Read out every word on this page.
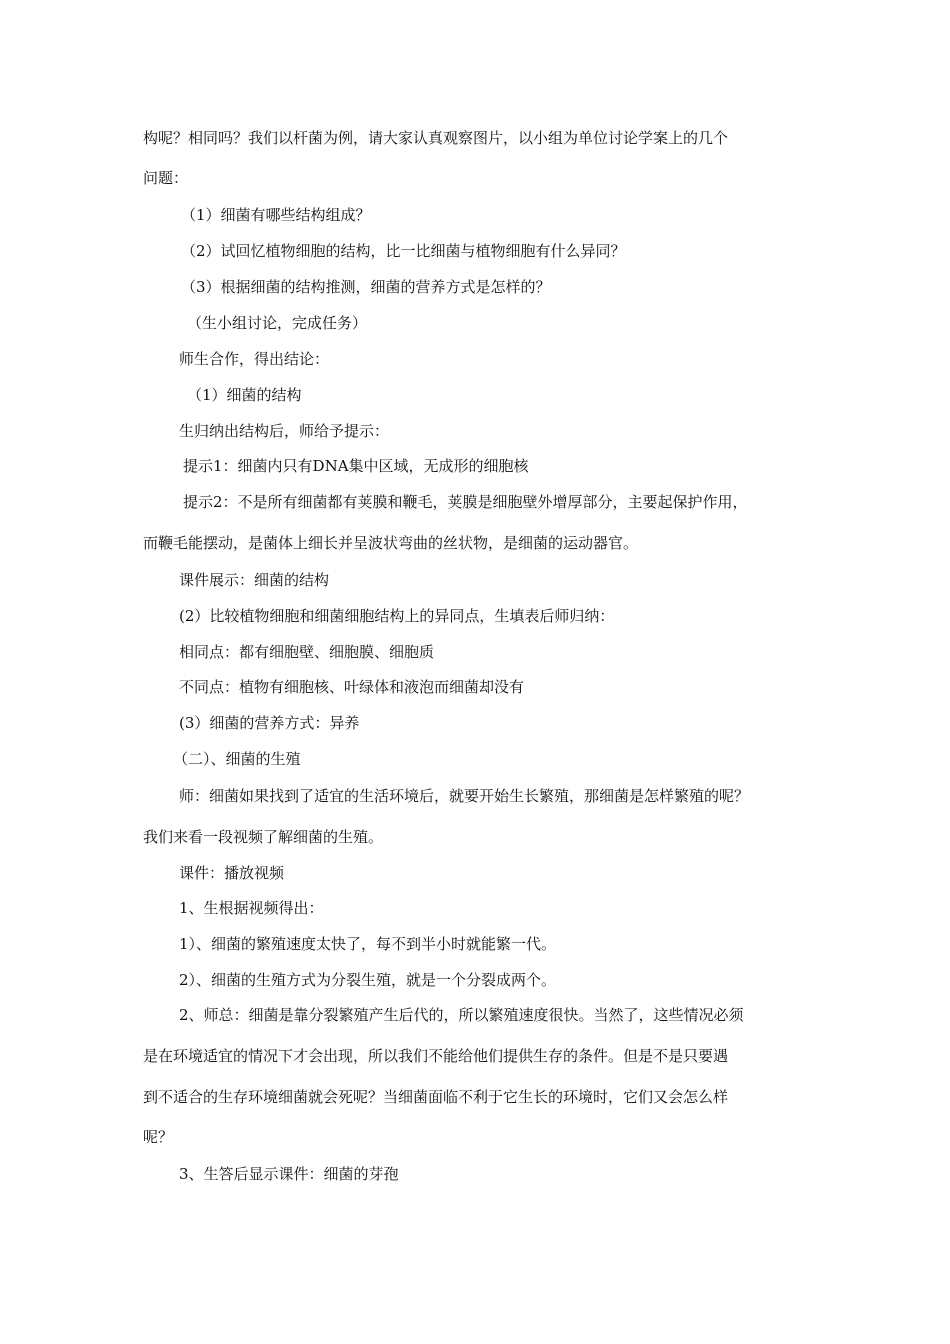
构呢？相同吗？我们以杆菌为例，请大家认真观察图片，以小组为单位讨论学案上的几个
问题：
（1）细菌有哪些结构组成？
（2）试回忆植物细胞的结构，比一比细菌与植物细胞有什么异同？
（3）根据细菌的结构推测，细菌的营养方式是怎样的？
（生小组讨论，完成任务）
师生合作，得出结论：
（1）细菌的结构
生归纳出结构后，师给予提示：
提示1：细菌内只有DNA集中区域，无成形的细胞核
提示2：不是所有细菌都有荚膜和鞭毛，荚膜是细胞壁外增厚部分，主要起保护作用，
而鞭毛能摆动，是菌体上细长并呈波状弯曲的丝状物，是细菌的运动器官。
课件展示：细菌的结构
(2）比较植物细胞和细菌细胞结构上的异同点，生填表后师归纳：
相同点：都有细胞壁、细胞膜、细胞质
不同点：植物有细胞核、叶绿体和液泡而细菌却没有
(3）细菌的营养方式：异养
（二）、细菌的生殖
师：细菌如果找到了适宜的生活环境后，就要开始生长繁殖，那细菌是怎样繁殖的呢？
我们来看一段视频了解细菌的生殖。
课件：播放视频
1、生根据视频得出：
1）、细菌的繁殖速度太快了，每不到半小时就能繁一代。
2）、细菌的生殖方式为分裂生殖，就是一个分裂成两个。
2、师总：细菌是靠分裂繁殖产生后代的，所以繁殖速度很快。当然了，这些情况必须
是在环境适宜的情况下才会出现，所以我们不能给他们提供生存的条件。但是不是只要遇
到不适合的生存环境细菌就会死呢？当细菌面临不利于它生长的环境时，它们又会怎么样
呢？
3、生答后显示课件：细菌的芽孢
